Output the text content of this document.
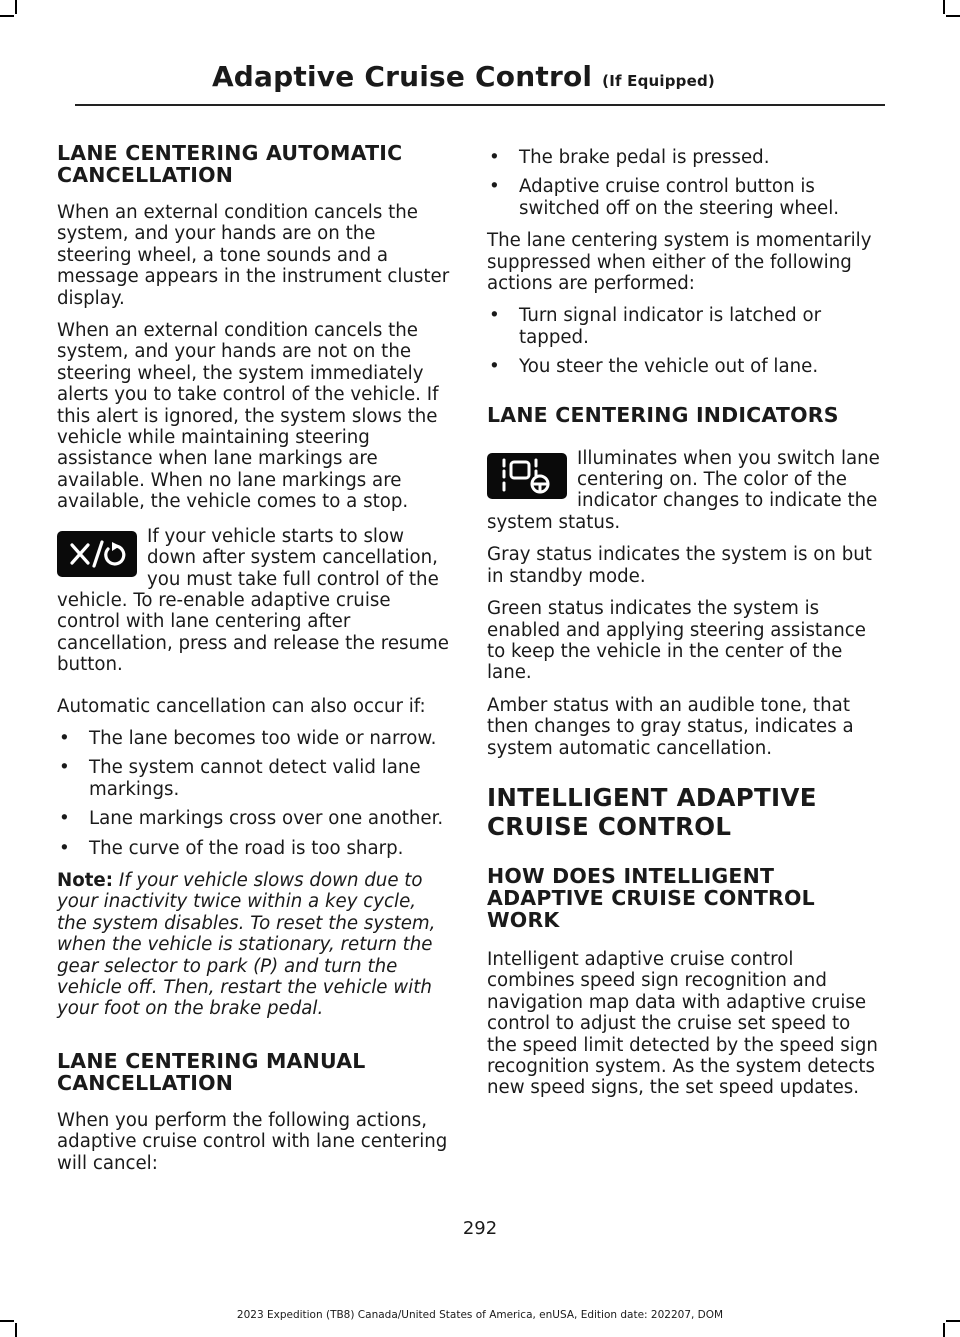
Adaptive Cruise Control (If Equipped)
LANE CENTERING AUTOMATIC CANCELLATION

When an external condition cancels the system, and your hands are on the steering wheel, a tone sounds and a message appears in the instrument cluster display.

When an external condition cancels the system, and your hands are not on the steering wheel, the system immediately alerts you to take control of the vehicle. If this alert is ignored, the system slows the vehicle while maintaining steering assistance when lane markings are available. When no lane markings are available, the vehicle comes to a stop.

If your vehicle starts to slow down after system cancellation, you must take full control of the vehicle. To re-enable adaptive cruise control with lane centering after cancellation, press and release the resume button.

Automatic cancellation can also occur if:

• The lane becomes too wide or narrow.
• The system cannot detect valid lane markings.
• Lane markings cross over one another.
• The curve of the road is too sharp.

Note: If your vehicle slows down due to your inactivity twice within a key cycle, the system disables. To reset the system, when the vehicle is stationary, return the gear selector to park (P) and turn the vehicle off. Then, restart the vehicle with your foot on the brake pedal.

LANE CENTERING MANUAL CANCELLATION

When you perform the following actions, adaptive cruise control with lane centering will cancel:

• The brake pedal is pressed.
• Adaptive cruise control button is switched off on the steering wheel.

The lane centering system is momentarily suppressed when either of the following actions are performed:

• Turn signal indicator is latched or tapped.
• You steer the vehicle out of lane.
LANE CENTERING INDICATORS

Illuminates when you switch lane centering on. The color of the indicator changes to indicate the system status.

Gray status indicates the system is on but in standby mode.

Green status indicates the system is enabled and applying steering assistance to keep the vehicle in the center of the lane.

Amber status with an audible tone, that then changes to gray status, indicates a system automatic cancellation.

INTELLIGENT ADAPTIVE
CRUISE CONTROL
HOW DOES INTELLIGENT ADAPTIVE CRUISE CONTROL WORK

Intelligent adaptive cruise control combines speed sign recognition and navigation map data with adaptive cruise control to adjust the cruise set speed to the speed limit detected by the speed sign recognition system. As the system detects new speed signs, the set speed updates.

292
2023 Expedition (TB8) Canada/United States of America, enUSA, Edition date: 202207, DOM
